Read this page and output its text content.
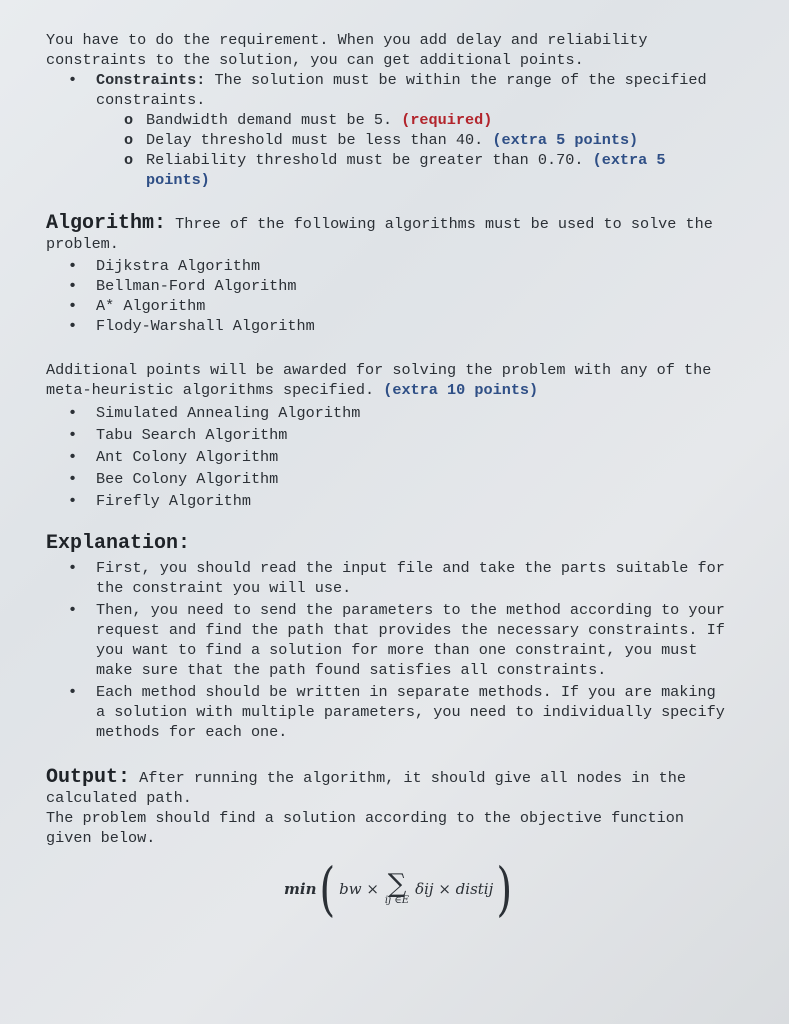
You have to do the requirement. When you add delay and reliability constraints to the solution, you can get additional points.

• Constraints: The solution must be within the range of the specified constraints.
o Bandwidth demand must be 5. (required)
o Delay threshold must be less than 40. (extra 5 points)
o Reliability threshold must be greater than 0.70. (extra 5 points)

Algorithm: Three of the following algorithms must be used to solve the problem.

• Dijkstra Algorithm
• Bellman-Ford Algorithm
• A* Algorithm
• Flody-Warshall Algorithm

Additional points will be awarded for solving the problem with any of the meta-heuristic algorithms specified. (extra 10 points)

• Simulated Annealing Algorithm
• Tabu Search Algorithm
• Ant Colony Algorithm
• Bee Colony Algorithm
• Firefly Algorithm

Explanation:

• First, you should read the input file and take the parts suitable for the constraint you will use.
• Then, you need to send the parameters to the method according to your request and find the path that provides the necessary constraints. If you want to find a solution for more than one constraint, you must make sure that the path found satisfies all constraints.
• Each method should be written in separate methods. If you are making a solution with multiple parameters, you need to individually specify methods for each one.

Output: After running the algorithm, it should give all nodes in the calculated path.

The problem should find a solution according to the objective function given below.

min ( bw × ∑
ij ∈E
δij × distij )
